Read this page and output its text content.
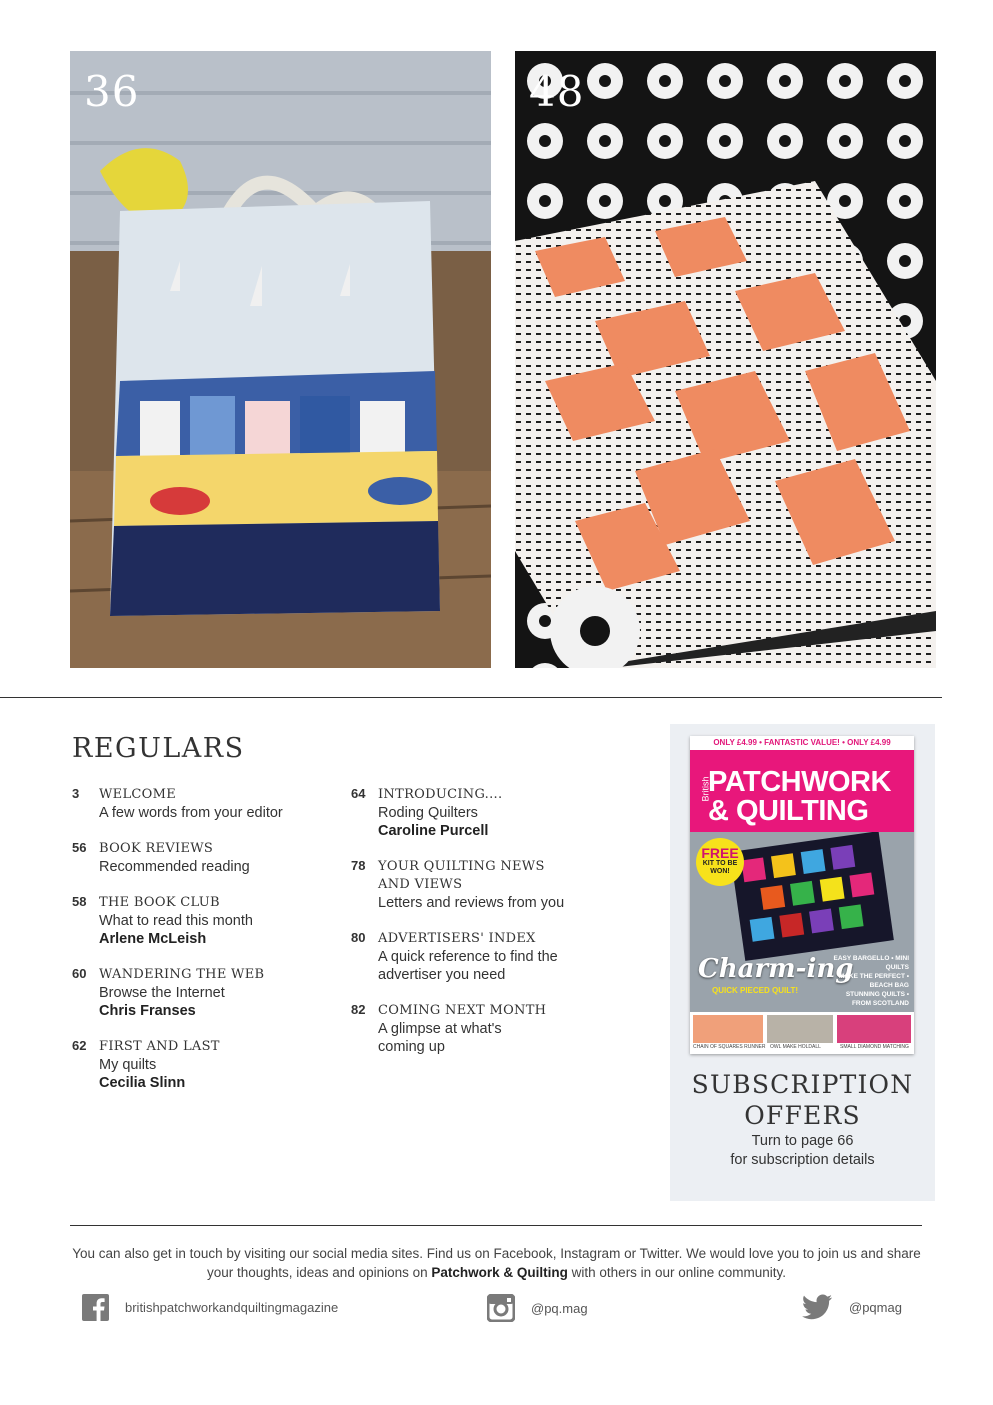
36	48
REGULARS
3 WELCOME
A few words from your editor
56 BOOK REVIEWS
Recommended reading
58 THE BOOK CLUB
What to read this month
Arlene McLeish
60 WANDERING THE WEB
Browse the Internet
Chris Franses
62 FIRST AND LAST
My quilts
Cecilia Slinn
64 INTRODUCING....
Roding Quilters
Caroline Purcell
78 YOUR QUILTING NEWS
AND VIEWS
Letters and reviews from you
80 ADVERTISERS' INDEX
A quick reference to find the advertiser you need
82 COMING NEXT MONTH
A glimpse at what's coming up
ONLY £4.99 • FANTASTIC VALUE! • ONLY £4.99
British
PATCHWORK
& QUILTING
FREE
KIT TO BE WON!
Charm-ing
QUICK PIECED QUILT!
EASY BARGELLO • MINI QUILTS
MAKE THE PERFECT • BEACH BAG
STUNNING QUILTS • FROM SCOTLAND
CHAIN OF SQUARES RUNNER OWL MAKE HOLDALL	SMALL DIAMOND MATCHING
SUBSCRIPTION
OFFERS
Turn to page 66
for subscription details
You can also get in touch by visiting our social media sites. Find us on Facebook, Instagram or Twitter. We would love you to join us and share your thoughts, ideas and opinions on Patchwork & Quilting with others in our online community.
britishpatchworkandquiltingmagazine	@pq.mag	@pqmag
